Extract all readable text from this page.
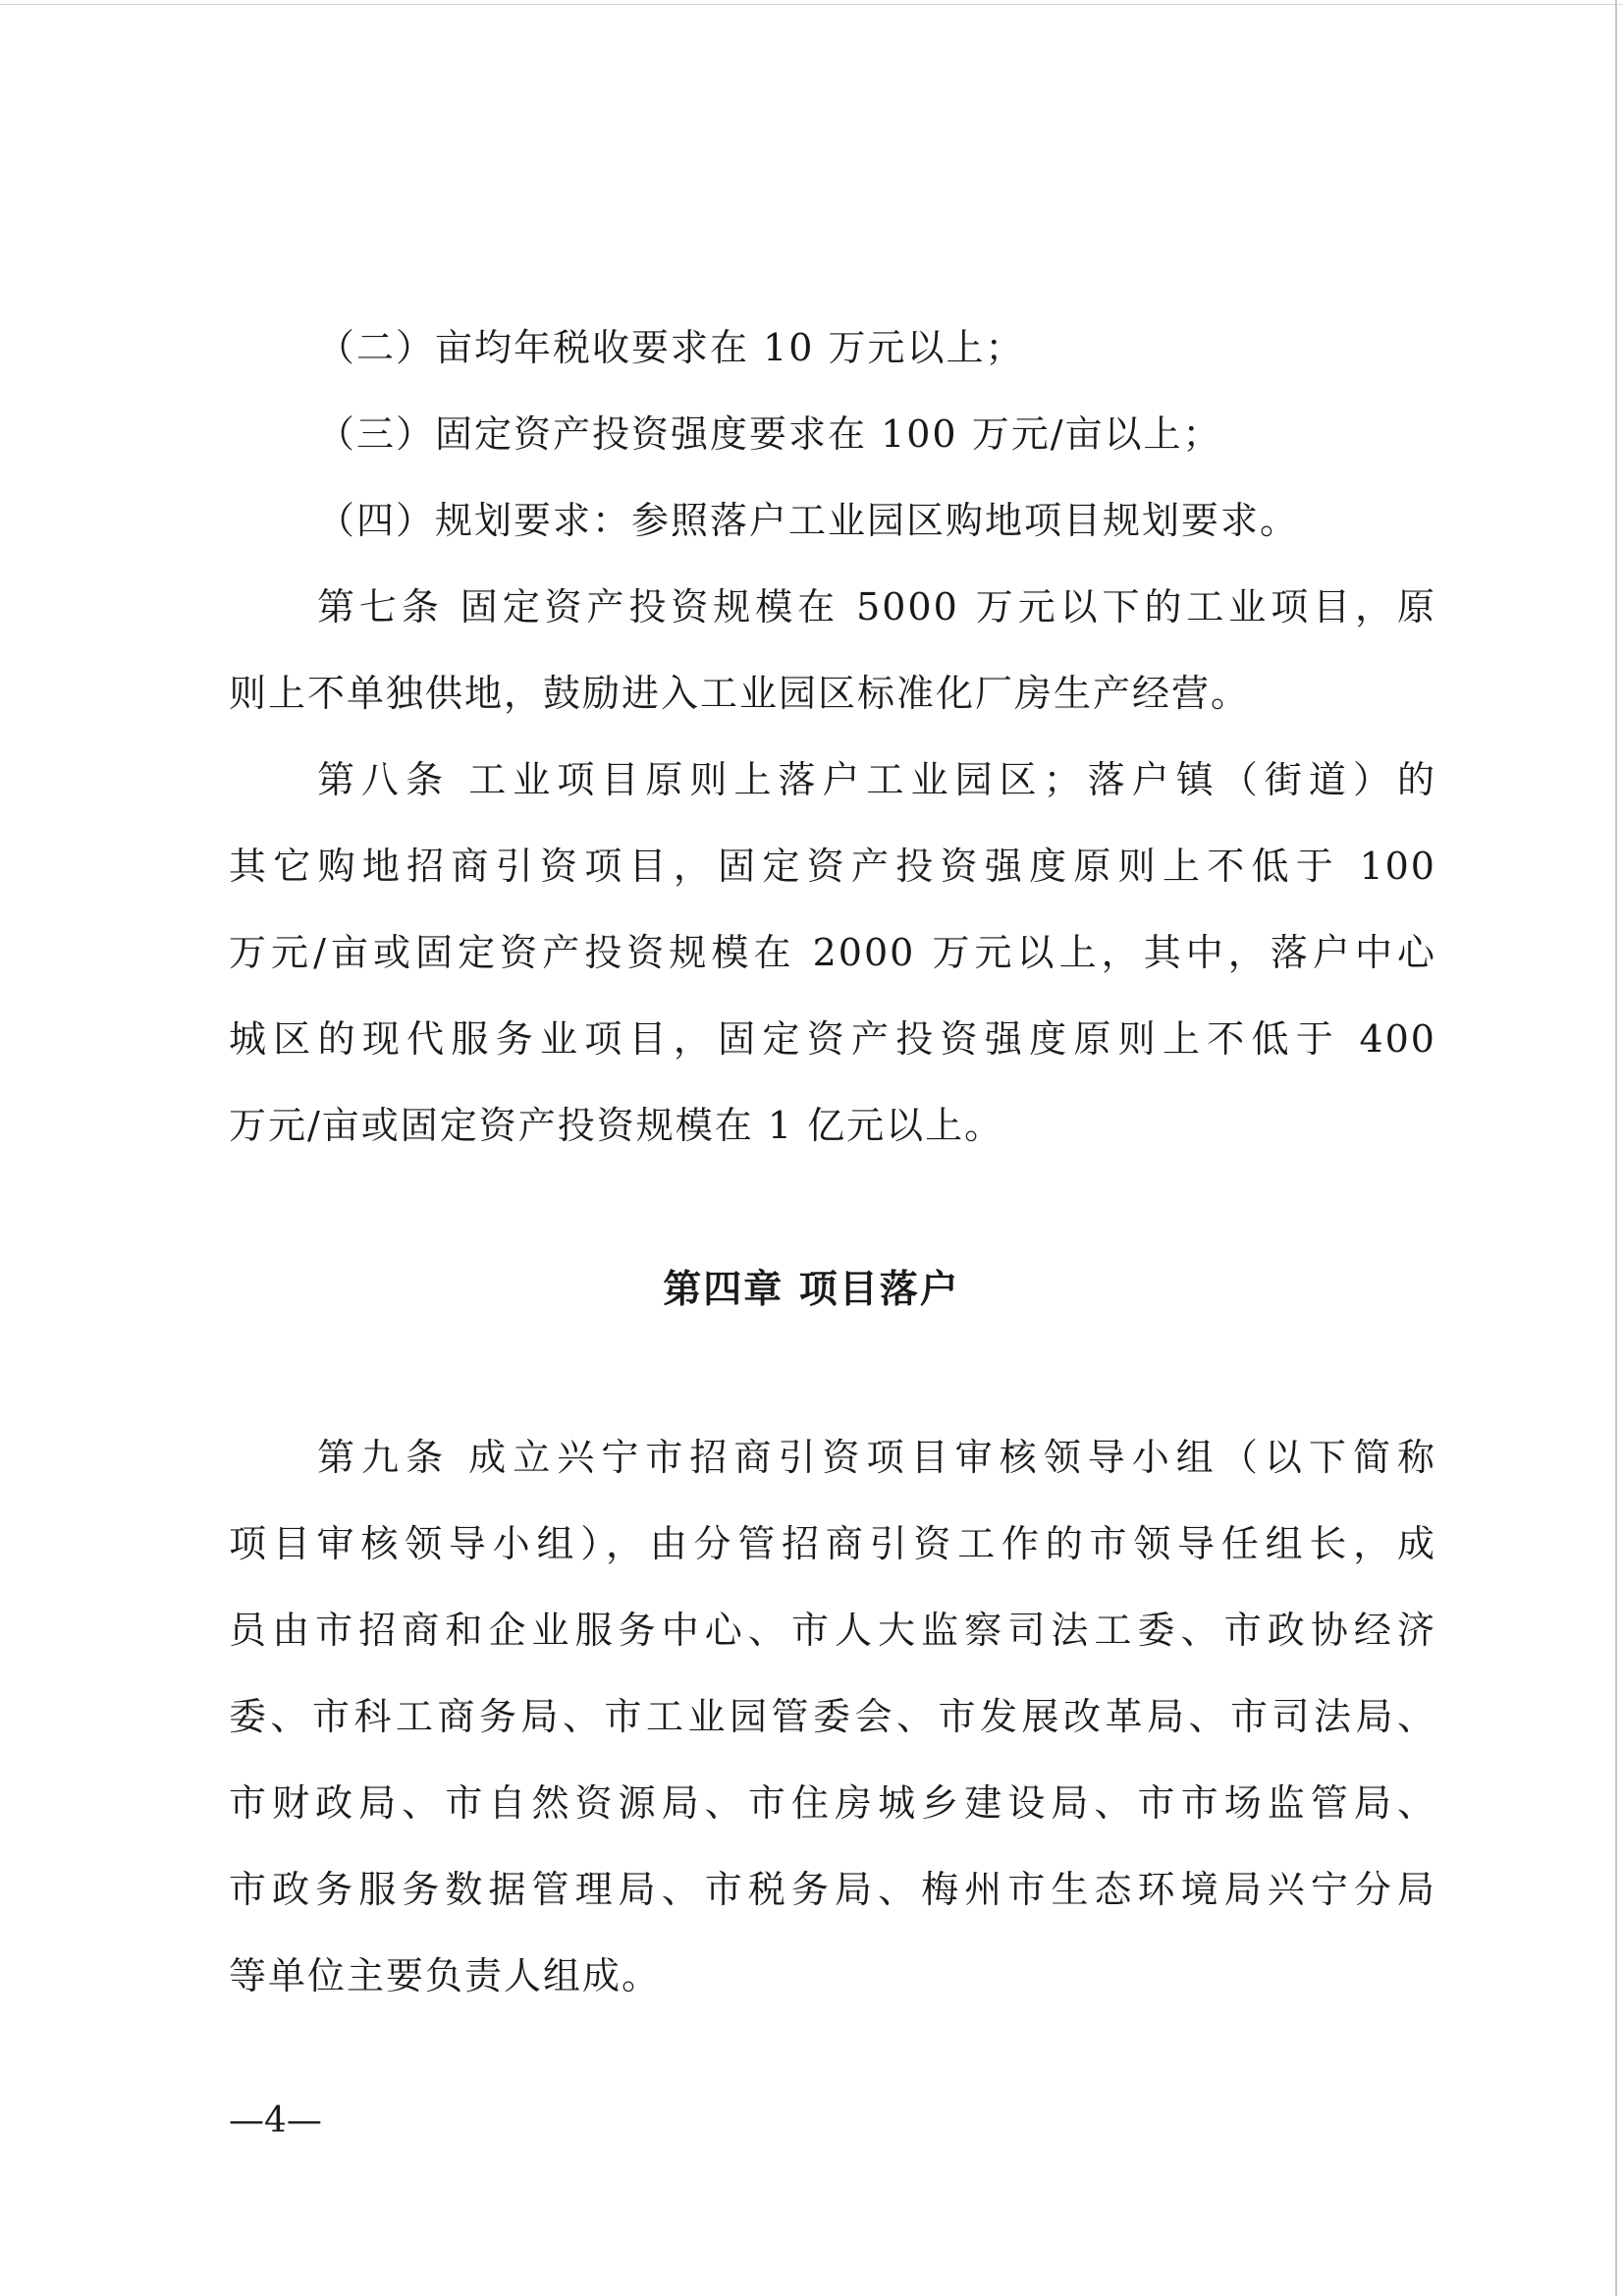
（二）亩均年税收要求在 10 万元以上；
（三）固定资产投资强度要求在 100 万元/亩以上；
（四）规划要求：参照落户工业园区购地项目规划要求。
第七条 固定资产投资规模在 5000 万元以下的工业项目，原
则上不单独供地，鼓励进入工业园区标准化厂房生产经营。
第八条 工业项目原则上落户工业园区；落户镇（街道）的
其它购地招商引资项目，固定资产投资强度原则上不低于 100
万元/亩或固定资产投资规模在 2000 万元以上，其中，落户中心
城区的现代服务业项目，固定资产投资强度原则上不低于 400
万元/亩或固定资产投资规模在 1 亿元以上。
第四章 项目落户
第九条 成立兴宁市招商引资项目审核领导小组（以下简称
项目审核领导小组），由分管招商引资工作的市领导任组长，成
员由市招商和企业服务中心、市人大监察司法工委、市政协经济
委、市科工商务局、市工业园管委会、市发展改革局、市司法局、
市财政局、市自然资源局、市住房城乡建设局、市市场监管局、
市政务服务数据管理局、市税务局、梅州市生态环境局兴宁分局
等单位主要负责人组成。
—4—
